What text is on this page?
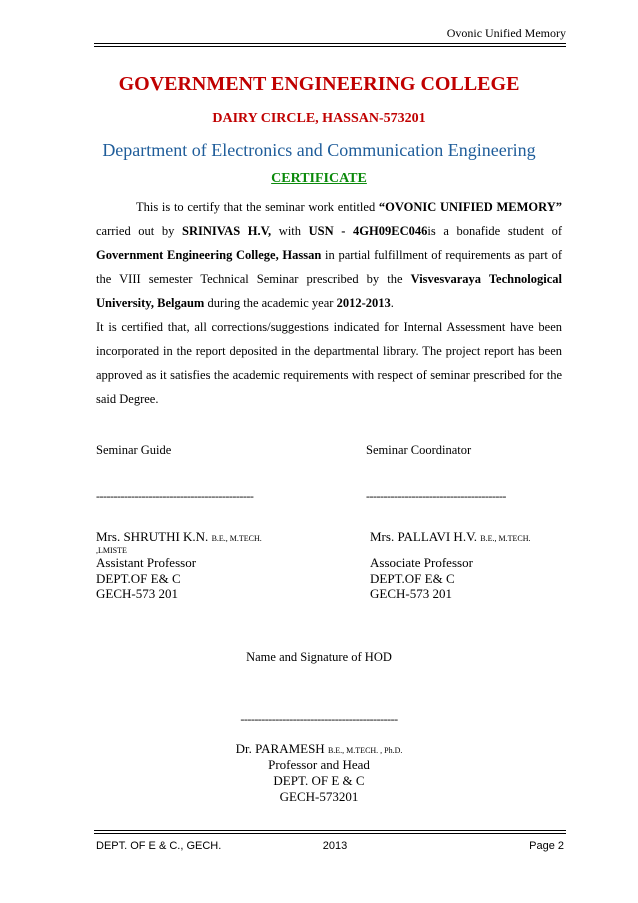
Ovonic Unified Memory
GOVERNMENT ENGINEERING COLLEGE
DAIRY CIRCLE, HASSAN-573201
Department of Electronics and Communication Engineering
CERTIFICATE

This is to certify that the seminar work entitled “OVONIC UNIFIED MEMORY” carried out by SRINIVAS H.V, with USN - 4GH09EC046is a bonafide student of Government Engineering College, Hassan in partial fulfillment of requirements as part of the VIII semester Technical Seminar prescribed by the Visvesvaraya Technological University, Belgaum during the academic year 2012-2013.

It is certified that, all corrections/suggestions indicated for Internal Assessment have been incorporated in the report deposited in the departmental library. The project report has been approved as it satisfies the academic requirements with respect of seminar prescribed for the said Degree.

Seminar Guide
---------------------------------------------
Mrs. SHRUTHI K.N. B.E., M.TECH.
,LMISTE
Assistant Professor
DEPT.OF E& C
GECH-573 201
Seminar Coordinator
----------------------------------------
Mrs. PALLAVI H.V. B.E., M.TECH.
Associate Professor
DEPT.OF E& C
GECH-573 201
Name and Signature of HOD
---------------------------------------------
Dr. PARAMESH B.E., M.TECH. , Ph.D.
Professor and Head
DEPT. OF E & C
GECH-573201
DEPT. OF E & C., GECH.	2013	Page 2
